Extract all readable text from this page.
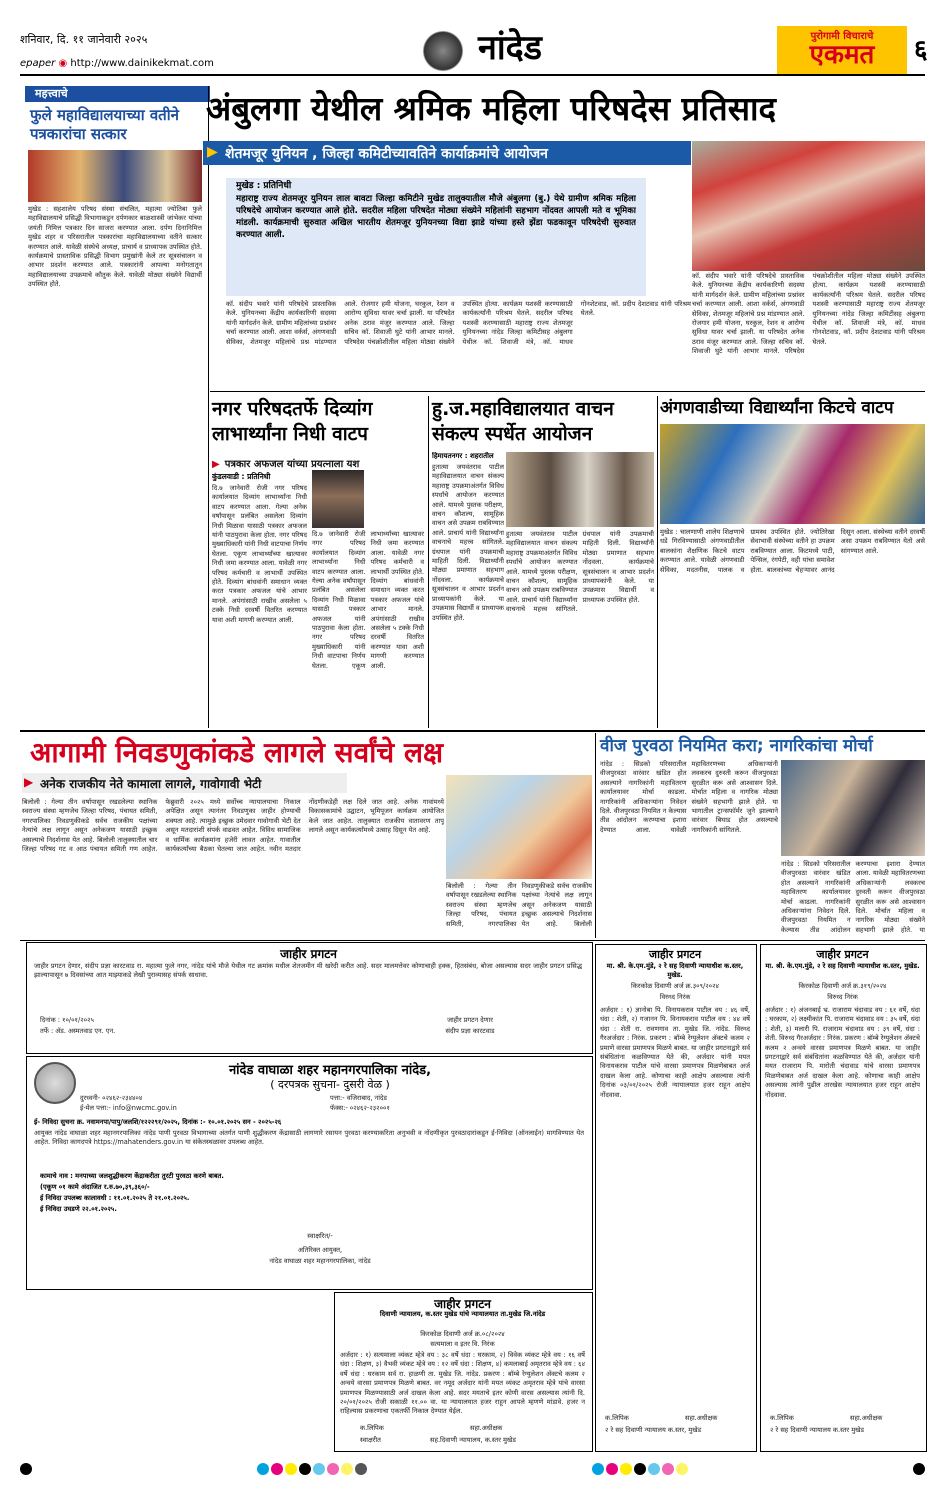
शनिवार, दि. ११ जानेवारी २०२५
epaper ◉ http://www.dainikekmat.com	नांदेड	पुरोगामी विचाराचे
एकमत	६
महत्त्वाचे
फुले महाविद्यालयाच्या वतीने पत्रकारांचा सत्कार
मुखेड : सहशालेय परिषद संस्था संचलित, महात्मा ज्योतिबा फुले महाविद्यालयाचे प्रसिद्धी विभागाकडून दर्पणकार बाळशास्त्री जांभेकर यांच्या जयंती निमित्त पत्रकार दिन साजरा करण्यात आला. दर्पण दिनानिमित्त मुखेड शहर व परिसरातील पत्रकारांचा महाविद्यालयाच्या वतीने सत्कार करण्यात आले. यावेळी संस्थेचे अध्यक्ष, प्राचार्य व प्राध्यापक उपस्थित होते. कार्यक्रमाचे प्रास्ताविक प्रसिद्धी विभाग प्रमुखांनी केले तर सूत्रसंचालन व आभार प्रदर्शन करण्यात आले. पत्रकारांनी आपल्या मनोगतातून महाविद्यालयाच्या उपक्रमाचे कौतुक केले. यावेळी मोठ्या संख्येने विद्यार्थी उपस्थित होते.
अंबुलगा येथील श्रमिक महिला परिषदेस प्रतिसाद
▶ शेतमजूर युनियन , जिल्हा कमिटीच्यावतिने कार्याक्रमांचे आयोजन
मुखेड : प्रतिनिधी
महाराष्ट्र राज्य शेतमजूर युनियन लाल बावटा जिल्हा कमिटीने मुखेड तालुक्यातील मौजे अंबुलगा (बु.) येथे ग्रामीण श्रमिक महिला परिषदेचे आयोजन करण्यात आले होते. सदरील महिला परिषदेत मोठ्या संख्येने महिलांनी सहभाग नोंदवत आपली मते व भूमिका मांडली. कार्यक्रमाची सुरुवात अखिल भारतीय शेतमजूर युनियनच्या विद्या झाडे यांच्या हस्ते झेंडा फडकावून परिषदेची सुरुवात करण्यात आली.
कॉ. संदीप भवारे यांनी परिषदेचे प्रास्ताविक केले. युनियनच्या केंद्रीय कार्यकारिणी सदस्या यांनी मार्गदर्शन केले. ग्रामीण महिलांच्या प्रश्नांवर चर्चा करण्यात आली. आशा वर्कर्स, अंगणवाडी सेविका, शेतमजूर महिलांचे प्रश्न मांडण्यात आले. रोजगार हमी योजना, घरकुल, रेशन व आरोग्य सुविधा यावर चर्चा झाली. या परिषदेत अनेक ठराव मंजूर करण्यात आले. जिल्हा सचिव कॉ. शिवाजी घुटे यांनी आभार मानले. परिषदेस पंचक्रोशीतील महिला मोठ्या संख्येने उपस्थित होत्या. कार्यक्रम यशस्वी करण्यासाठी कार्यकर्त्यांनी परिश्रम घेतले. सदरील परिषद यशस्वी करण्यासाठी महाराष्ट्र राज्य शेतमजूर युनियनच्या नांदेड जिल्हा कमिटीसह अंबुलगा येथील कॉ. शिवाजी मंत्रे, कॉ. माधव गोनशेटवाड, कॉ. प्रदीप देशटवाड यांनी परिश्रम घेतले.
कॉ. संदीप भवारे यांनी परिषदेचे प्रास्ताविक केले. युनियनच्या केंद्रीय कार्यकारिणी सदस्या यांनी मार्गदर्शन केले. ग्रामीण महिलांच्या प्रश्नांवर चर्चा करण्यात आली. आशा वर्कर्स, अंगणवाडी सेविका, शेतमजूर महिलांचे प्रश्न मांडण्यात आले. रोजगार हमी योजना, घरकुल, रेशन व आरोग्य सुविधा यावर चर्चा झाली. या परिषदेत अनेक ठराव मंजूर करण्यात आले. जिल्हा सचिव कॉ. शिवाजी घुटे यांनी आभार मानले. परिषदेस पंचक्रोशीतील महिला मोठ्या संख्येने उपस्थित होत्या. कार्यक्रम यशस्वी करण्यासाठी कार्यकर्त्यांनी परिश्रम घेतले. सदरील परिषद यशस्वी करण्यासाठी महाराष्ट्र राज्य शेतमजूर युनियनच्या नांदेड जिल्हा कमिटीसह अंबुलगा येथील कॉ. शिवाजी मंत्रे, कॉ. माधव गोनशेटवाड, कॉ. प्रदीप देशटवाड यांनी परिश्रम घेतले.
नगर परिषदतर्फे दिव्यांग लाभार्थ्यांना निधी वाटप
▶ पत्रकार अफजल यांच्या प्रयत्नाला यश
कुंडलवाडी : प्रतिनिधी
दि.७ जानेवारी रोजी नगर परिषद कार्यालयात दिव्यांग लाभार्थ्यांना निधी वाटप करण्यात आला. गेल्या अनेक वर्षांपासून प्रलंबित असलेला दिव्यांग निधी मिळावा यासाठी पत्रकार अफजल यांनी पाठपुरावा केला होता. नगर परिषद मुख्याधिकारी यांनी निधी वाटपाचा निर्णय घेतला. एकूण लाभार्थ्यांच्या खात्यावर निधी जमा करण्यात आला. यावेळी नगर परिषद कर्मचारी व लाभार्थी उपस्थित होते. दिव्यांग बांधवांनी समाधान व्यक्त करत पत्रकार अफजल यांचे आभार मानले. अपंगांसाठी राखीव असलेला ५ टक्के निधी दरवर्षी वितरित करण्यात यावा अशी मागणी करण्यात आली.
दि.७ जानेवारी रोजी नगर परिषद कार्यालयात दिव्यांग लाभार्थ्यांना निधी वाटप करण्यात आला. गेल्या अनेक वर्षांपासून प्रलंबित असलेला दिव्यांग निधी मिळावा यासाठी पत्रकार अफजल यांनी पाठपुरावा केला होता. नगर परिषद मुख्याधिकारी यांनी निधी वाटपाचा निर्णय घेतला. एकूण लाभार्थ्यांच्या खात्यावर निधी जमा करण्यात आला. यावेळी नगर परिषद कर्मचारी व लाभार्थी उपस्थित होते. दिव्यांग बांधवांनी समाधान व्यक्त करत पत्रकार अफजल यांचे आभार मानले. अपंगांसाठी राखीव असलेला ५ टक्के निधी दरवर्षी वितरित करण्यात यावा अशी मागणी करण्यात आली.
हु.ज.महाविद्यालयात वाचन संकल्प स्पर्धेत आयोजन
हिमायतनगर : शहरातील
हुतात्मा जयवंतराव पाटील महाविद्यालयात वाचन संकल्प महाराष्ट्र उपक्रमाअंतर्गत विविध स्पर्धांचे आयोजन करण्यात आले. यामध्ये पुस्तक परीक्षण, वाचन कौशल्य, सामूहिक वाचन असे उपक्रम राबविण्यात आले. प्राचार्य यांनी विद्यार्थ्यांना वाचनाचे महत्त्व सांगितले. ग्रंथपाल यांनी उपक्रमाची माहिती दिली. विद्यार्थ्यांनी मोठ्या प्रमाणात सहभाग नोंदवला. कार्यक्रमाचे सूत्रसंचालन व आभार प्रदर्शन प्राध्यापकांनी केले. या उपक्रमास विद्यार्थी व प्राध्यापक उपस्थित होते.
हुतात्मा जयवंतराव पाटील महाविद्यालयात वाचन संकल्प महाराष्ट्र उपक्रमाअंतर्गत विविध स्पर्धांचे आयोजन करण्यात आले. यामध्ये पुस्तक परीक्षण, वाचन कौशल्य, सामूहिक वाचन असे उपक्रम राबविण्यात आले. प्राचार्य यांनी विद्यार्थ्यांना वाचनाचे महत्त्व सांगितले. ग्रंथपाल यांनी उपक्रमाची माहिती दिली. विद्यार्थ्यांनी मोठ्या प्रमाणात सहभाग नोंदवला. कार्यक्रमाचे सूत्रसंचालन व आभार प्रदर्शन प्राध्यापकांनी केले. या उपक्रमास विद्यार्थी व प्राध्यापक उपस्थित होते.
अंगणवाडीच्या विद्यार्थ्यांना किटचे वाटप
मुखेड : चालणाणी शालेय शिक्षणाचे धडे गिरविण्यासाठी अंगणवाडीतील बालकांना शैक्षणिक किटचे वाटप करण्यात आले. यावेळी अंगणवाडी सेविका, मदतनीस, पालक व ग्रामस्थ उपस्थित होते. ज्योतिरेखा सेवाभावी संस्थेच्या वतीने हा उपक्रम राबविण्यात आला. किटमध्ये पाटी, पेन्सिल, रंगपेटी, वही यांचा समावेश होता. बालकांच्या चेहऱ्यावर आनंद दिसून आला. संस्थेच्या वतीने दरवर्षी असा उपक्रम राबविण्यात येतो असे सांगण्यात आले.
आगामी निवडणुकांकडे लागले सर्वांचे लक्ष
▶ अनेक राजकीय नेते कामाला लागले, गावोगावी भेटी
बिलोली : गेल्या तीन वर्षापासून रखडलेल्या स्थानिक स्वराज्य संस्था म्हणजेच जिल्हा परिषद, पंचायत समिती, नगरपालिका निवडणुकीकडे सर्वच राजकीय पक्षांच्या नेत्यांचे लक्ष लागून असून अनेकजण यासाठी इच्छुक असल्याचे निदर्शनास येत आहे. बिलोली तालुक्यातील चार जिल्हा परिषद गट व आठ पंचायत समिती गण आहेत. फेब्रुवारी २०२५ मध्ये सर्वोच्च न्यायालयाचा निकाल अपेक्षित असून त्यानंतर निवडणुका जाहीर होण्याची शक्यता आहे. त्यामुळे इच्छुक उमेदवार गावोगावी भेटी देत असून मतदारांशी संपर्क वाढवत आहेत. विविध सामाजिक व धार्मिक कार्यक्रमांना हजेरी लावत आहेत. गावातील कार्यकर्त्यांच्या बैठका घेतल्या जात आहेत. नवीन मतदार नोंदणीकडेही लक्ष दिले जात आहे. अनेक गावांमध्ये विकासकामांचे उद्घाटन, भूमिपूजन कार्यक्रम आयोजित केले जात आहेत. तालुक्यात राजकीय वातावरण तापू लागले असून कार्यकर्त्यांमध्ये उत्साह दिसून येत आहे.
बिलोली : गेल्या तीन वर्षापासून रखडलेल्या स्थानिक स्वराज्य संस्था म्हणजेच जिल्हा परिषद, पंचायत समिती, नगरपालिका निवडणुकीकडे सर्वच राजकीय पक्षांच्या नेत्यांचे लक्ष लागून असून अनेकजण यासाठी इच्छुक असल्याचे निदर्शनास येत आहे. बिलोली
वीज पुरवठा नियमित करा; नागरिकांचा मोर्चा
नांदेड : सिडको परिसरातील वीजपुरवठा वारंवार खंडित होत असल्याने नागरिकांनी महावितरण कार्यालयावर मोर्चा काढला. नागरिकांनी अधिकाऱ्यांना निवेदन दिले. वीजपुरवठा नियमित न केल्यास तीव्र आंदोलन करण्याचा इशारा देण्यात आला. यावेळी महावितरणच्या अधिकाऱ्यांनी लवकरच दुरुस्ती करून वीजपुरवठा सुरळीत करू असे आश्वासन दिले. मोर्चात महिला व नागरिक मोठ्या संख्येने सहभागी झाले होते. या भागातील ट्रान्सफॉर्मर जुने झाल्याने वारंवार बिघाड होत असल्याचे नागरिकांनी सांगितले.
नांदेड : सिडको परिसरातील वीजपुरवठा वारंवार खंडित होत असल्याने नागरिकांनी महावितरण कार्यालयावर मोर्चा काढला. नागरिकांनी अधिकाऱ्यांना निवेदन दिले. वीजपुरवठा नियमित न केल्यास तीव्र आंदोलन करण्याचा इशारा देण्यात आला. यावेळी महावितरणच्या अधिकाऱ्यांनी लवकरच दुरुस्ती करून वीजपुरवठा सुरळीत करू असे आश्वासन दिले. मोर्चात महिला व नागरिक मोठ्या संख्येने सहभागी झाले होते. या
जाहीर प्रगटन
जाहीर प्रगटन देणार, संदीप प्रज्ञा कारटवाड रा. महात्मा फुले नगर, नांदेड यांचे मौजे येथील गट क्रमांक मधील शेतजमीन मी खरेदी करीत आहे. सदर मालमत्तेवर कोणाचाही हक्क, हितसंबंध, बोजा असल्यास सदर जाहीर प्रगटन प्रसिद्ध झाल्यापासून ७ दिवसांच्या आत माझ्याकडे लेखी पुराव्यासह संपर्क साधावा.
दिनांक : १०/०१/२०२५
तर्फे : ॲड. अस्मतवाड एन. एन.
जाहीर प्रगटन देणार
संदीप प्रज्ञा कारटवाड
नांदेड वाघाळा शहर महानगरपालिका नांदेड,
( दरपत्रक सुचना- दुसरी वेळ )
दुरध्वनी- ०२४६२-२३४४०४	पत्ता:- वजिराबाद, नांदेड
ई-मेल पत्ता:- info@nwcmc.gov.in	फॅक्स:- ०२४६२-२३२००१
ई- निविदा सुचना क्र. नवामनपा/पापु/जलशि/१२२२९१/२०२५, दिनांक :- १०.०१.२०२५ सन - २०२५-२६
आयुक्त नांदेड वाघाळा शहर महानगरपालिका नांदेड पाणी पुरवठा विभागाच्या अंतर्गत पाणी शुद्धीकरण केंद्रासाठी लागणारे रसायन पुरवठा करण्याकरिता अनुभवी व नोंदणीकृत पुरवठादारांकडून ई-निविदा (ऑनलाईन) मागविण्यात येत आहेत. निविदा कागदपत्रे https://mahatenders.gov.in या संकेतस्थळावर उपलब्ध आहेत.
कामाचे नाव : मनपाच्या जलशुद्धीकरण केंद्राकरीता तुरटी पुरवठा करणे बाबत.
(एकूण ०१ कामे अंदाजित र.रु.७०,३९,३६०/-
ई निविदा उपलब्ध कालावधी : ११.०१.२०२५ ते २१.०१.२०२५.
ई निविदा उघडणे २२.०१.२०२५.
स्वाक्षरित/-
अतिरिक्त आयुक्त,
नांदेड वाघाळा शहर महानगरपालिका, नांदेड
जाहीर प्रगटन
दिवाणी न्यायालय, क.स्तर मुखेड यांचे न्यायालयात ता.मुखेड जि.नांदेड
किरकोळ दिवाणी अर्ज क्र.०८/२०२४
सत्यमाला व इतर वि. निरंक
अर्जदार : १) सत्यमाला व्यंकट म्हेत्रे वय : ३८ वर्षे धंदा : घरकाम, २) विवेक व्यंकट म्हेत्रे वय : १६ वर्षे धंदा : शिक्षण, ३) वैभवी व्यंकट म्हेत्रे वय : १२ वर्षे धंदा : शिक्षण, ४) कमलाबाई अमृतराव म्हेत्रे वय : ६४ वर्षे धंदा : घरकाम सर्व रा. हाळणी ता. मुखेड जि. नांदेड. प्रकरण : बॉम्बे रेग्युलेशन ॲक्टचे कलम २ अन्वये वारसा प्रमाणपत्र मिळणे बाबत. वर नमूद अर्जदार यांनी मयत व्यंकट अमृतराव म्हेत्रे यांचे वारसा प्रमाणपत्र मिळण्यासाठी अर्ज दाखल केला आहे. सदर मयताचे इतर कोणी वारस असल्यास त्यांनी दि. २०/०१/२०२५ रोजी सकाळी ११.०० वा. या न्यायालयात हजर राहून आपले म्हणणे मांडावे. हजर न राहिल्यास प्रकरणाचा एकतर्फी निकाल देण्यात येईल.
क.लिपिक	सहा.अधीक्षक
स्वाक्षरीत	सह.दिवाणी न्यायालय, क.स्तर मुखेड
जाहीर प्रगटन
मा. श्री. के.एम.मुंडे, २ रे सह दिवाणी न्यायाधीश क.स्तर, मुखेड.
किरकोळ दिवाणी अर्ज क्र.३०९/२०२४
विरुध्द निरंक
अर्जदार : १) ज्ञानोबा पि. विनायकराव पाटील वय : ४६ वर्षे, धंदा : शेती, २) गजानन पि. विनायकराव पाटील वय : ४४ वर्षे धंदा : शेती रा. रावणगाव ता. मुखेड जि. नांदेड. विरुध्द गैरअर्जदार : निरंक. प्रकरण : बॉम्बे रेग्युलेशन ॲक्टचे कलम २ प्रमाणे वारसा प्रमाणपत्र मिळणे बाबत. या जाहीर प्रगटनाद्वारे सर्व संबंधितांना कळविण्यात येते की, अर्जदार यांनी मयत विनायकराव पाटील यांचे वारसा प्रमाणपत्र मिळणेबाबत अर्ज दाखल केला आहे. कोणाचा काही आक्षेप असल्यास त्यांनी दिनांक ०३/०१/२०२५ रोजी न्यायालयात हजर राहून आक्षेप नोंदवावा.
क.लिपिक	सहा.अधीक्षक
२ रे सह दिवाणी न्यायालय क.स्तर, मुखेड
जाहीर प्रगटन
मा. श्री. के.एम.मुंडे, २ रे सह दिवाणी न्यायाधीश क.स्तर, मुखेड.
किरकोळ दिवाणी अर्ज क्र.३१९/२०२४
विरुध्द निरंक
अर्जदार : १) अंजनबाई भ्र. राजाराम चंदावाड वय : ६१ वर्षे, धंदा : घरकाम, २) लक्ष्मीकांत पि. राजाराम चंदावाड वय : ३५ वर्षे, धंदा : शेती, ३) मलारी पि. राजाराम चंदावाड वय : ३९ वर्षे, धंदा : शेती. विरुध्द गैरअर्जदार : निरंक. प्रकरण : बॉम्बे रेग्युलेशन ॲक्टचे कलम २ अन्वये वारसा प्रमाणपत्र मिळणे बाबत. या जाहीर प्रगटनाद्वारे सर्व संबंधितांना कळविण्यात येते की, अर्जदार यांनी मयत राजाराम पि. मारोती चंदावाड यांचे वारसा प्रमाणपत्र मिळणेबाबत अर्ज दाखल केला आहे. कोणाचा काही आक्षेप असल्यास त्यांनी पुढील तारखेस न्यायालयात हजर राहून आक्षेप नोंदवावा.
क.लिपिक	सहा.अधीक्षक
२ रे सह दिवाणी न्यायालय क.स्तर मुखेड
